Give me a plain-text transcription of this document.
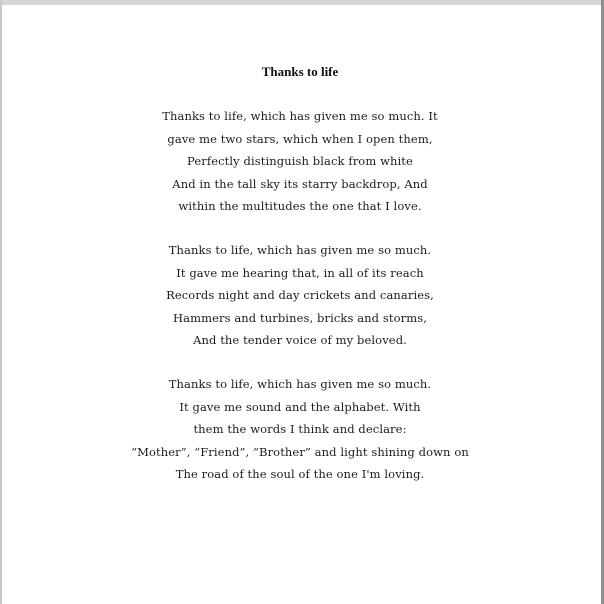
Thanks to life
Thanks to life, which has given me so much. It
gave me two stars, which when I open them,
Perfectly distinguish black from white
And in the tall sky its starry backdrop, And
within the multitudes the one that I love.
Thanks to life, which has given me so much.
It gave me hearing that, in all of its reach
Records night and day crickets and canaries,
Hammers and turbines, bricks and storms,
And the tender voice of my beloved.
Thanks to life, which has given me so much.
It gave me sound and the alphabet. With
them the words I think and declare:
“Mother”, “Friend”, “Brother” and light shining down on
The road of the soul of the one I'm loving.
